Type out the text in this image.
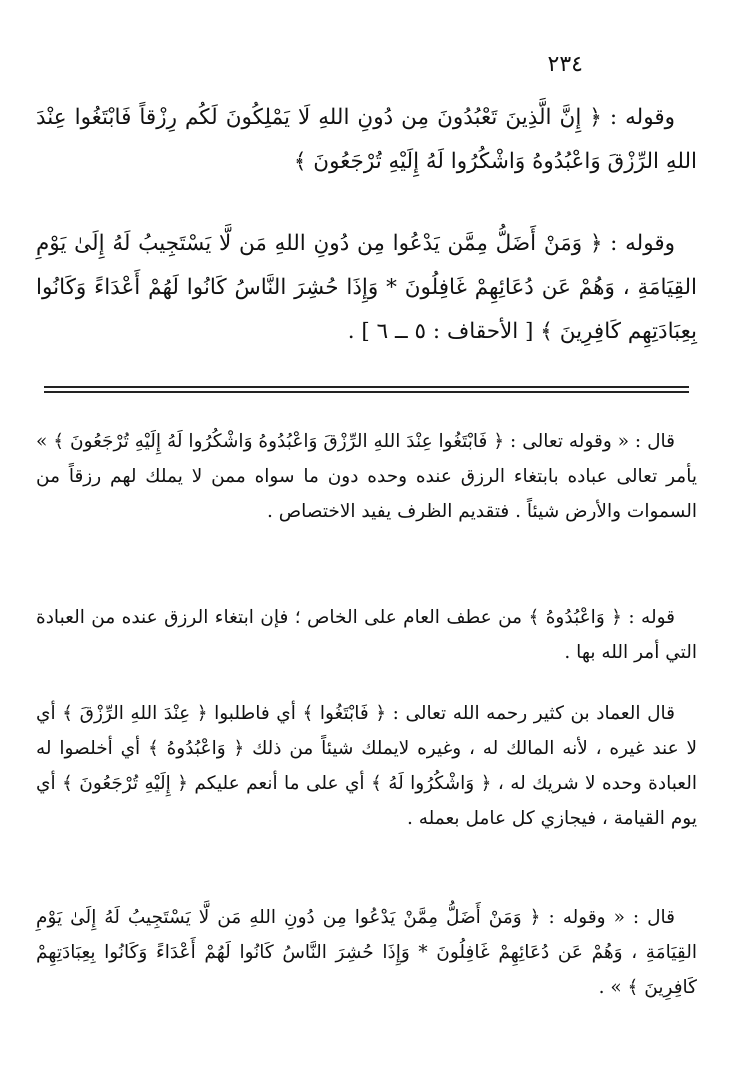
٢٣٤

وقوله : ﴿ إِنَّ الَّذِينَ تَعْبُدُونَ مِن دُونِ اللهِ لَا يَمْلِكُونَ لَكُم رِزْقاً فَابْتَغُوا عِنْدَ اللهِ الرِّزْقَ وَاعْبُدُوهُ وَاشْكُرُوا لَهُ إِلَيْهِ تُرْجَعُونَ ﴾

وقوله : ﴿ وَمَنْ أَضَلُّ مِمَّن يَدْعُوا مِن دُونِ اللهِ مَن لَّا يَسْتَجِيبُ لَهُ إِلَىٰ يَوْمِ القِيَامَةِ ، وَهُمْ عَن دُعَائِهِمْ غَافِلُونَ * وَإِذَا حُشِرَ النَّاسُ كَانُوا لَهُمْ أَعْدَاءً وَكَانُوا بِعِبَادَتِهِم كَافِرِينَ ﴾ [ الأحقاف : ٥ ــ ٦ ] .

قال : « وقوله تعالى : ﴿ فَابْتَغُوا عِنْدَ اللهِ الرِّزْقَ وَاعْبُدُوهُ وَاشْكُرُوا لَهُ إِلَيْهِ تُرْجَعُونَ ﴾ » يأمر تعالى عباده بابتغاء الرزق عنده وحده دون ما سواه ممن لا يملك لهم رزقاً من السموات والأرض شيئاً . فتقديم الظرف يفيد الاختصاص .

قوله : ﴿ وَاعْبُدُوهُ ﴾ من عطف العام على الخاص ؛ فإن ابتغاء الرزق عنده من العبادة التي أمر الله بها .

قال العماد بن كثير رحمه الله تعالى : ﴿ فَابْتَغُوا ﴾ أي فاطلبوا ﴿ عِنْدَ اللهِ الرِّزْقَ ﴾ أي لا عند غيره ، لأنه المالك له ، وغيره لايملك شيئاً من ذلك ﴿ وَاعْبُدُوهُ ﴾ أي أخلصوا له العبادة وحده لا شريك له ، ﴿ وَاشْكُرُوا لَهُ ﴾ أي على ما أنعم عليكم ﴿ إِلَيْهِ تُرْجَعُونَ ﴾ أي يوم القيامة ، فيجازي كل عامل بعمله .

قال : « وقوله : ﴿ وَمَنْ أَضَلُّ مِمَّنْ يَدْعُوا مِن دُونِ اللهِ مَن لَّا يَسْتَجِيبُ لَهُ إِلَىٰ يَوْمِ القِيَامَةِ ، وَهُمْ عَن دُعَائِهِمْ غَافِلُونَ * وَإِذَا حُشِرَ النَّاسُ كَانُوا لَهُمْ أَعْدَاءً وَكَانُوا بِعِبَادَتِهِمْ كَافِرِينَ ﴾ » .
